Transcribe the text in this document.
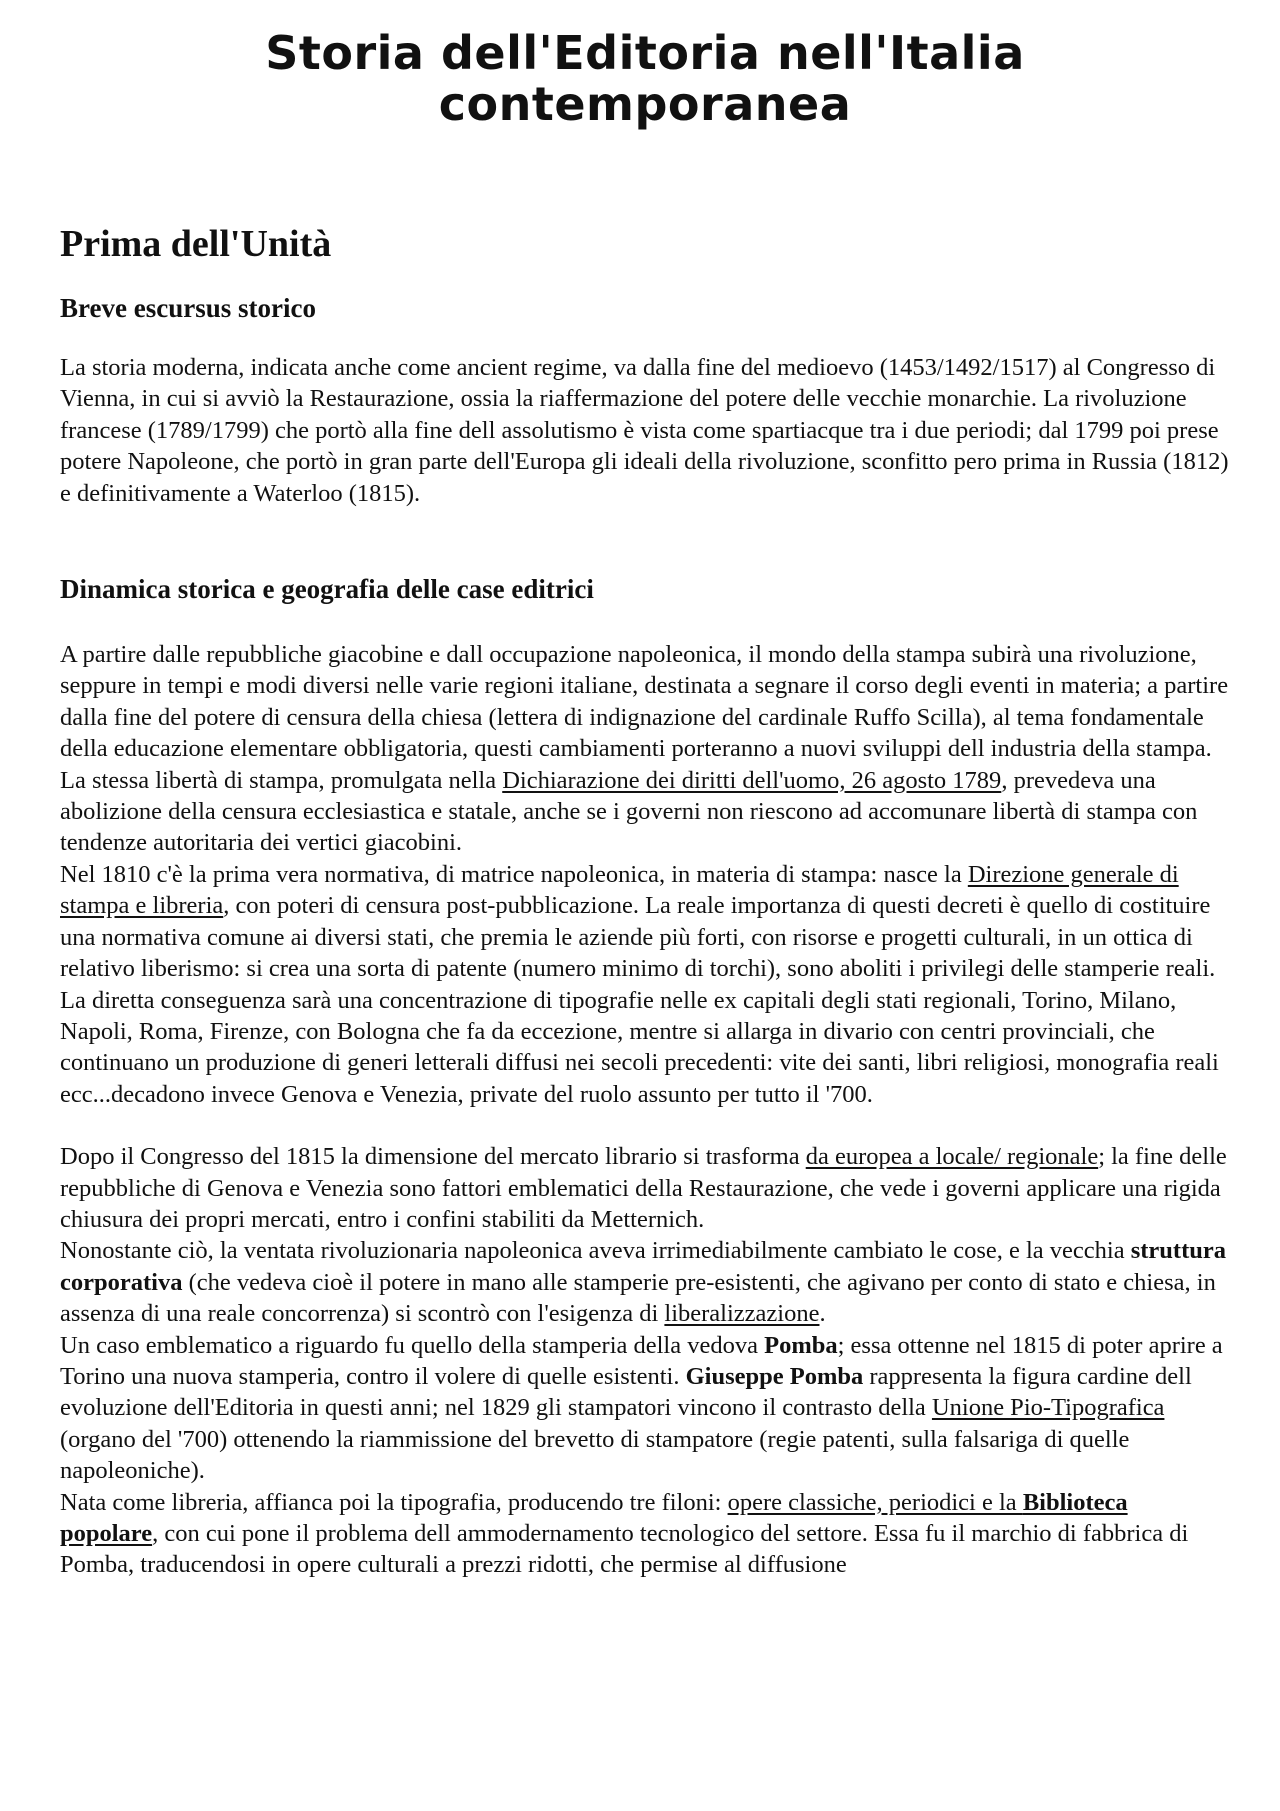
Storia dell'Editoria nell'Italia
contemporanea
Prima dell'Unità
Breve escursus storico

La storia moderna, indicata anche come ancient regime, va dalla fine del medioevo (1453/1492/1517) al Congresso di Vienna, in cui si avviò la Restaurazione, ossia la riaffermazione del potere delle vecchie monarchie. La rivoluzione francese (1789/1799) che portò alla fine dell assolutismo è vista come spartiacque tra i due periodi; dal 1799 poi prese potere Napoleone, che portò in gran parte dell'Europa gli ideali della rivoluzione, sconfitto pero prima in Russia (1812) e definitivamente a Waterloo (1815).

Dinamica storica e geografia delle case editrici

A partire dalle repubbliche giacobine e dall occupazione napoleonica, il mondo della stampa subirà una rivoluzione, seppure in tempi e modi diversi nelle varie regioni italiane, destinata a segnare il corso degli eventi in materia; a partire dalla fine del potere di censura della chiesa (lettera di indignazione del cardinale Ruffo Scilla), al tema fondamentale della educazione elementare obbligatoria, questi cambiamenti porteranno a nuovi sviluppi dell industria della stampa.

La stessa libertà di stampa, promulgata nella Dichiarazione dei diritti dell'uomo, 26 agosto 1789, prevedeva una abolizione della censura ecclesiastica e statale, anche se i governi non riescono ad accomunare libertà di stampa con tendenze autoritaria dei vertici giacobini.

Nel 1810 c'è la prima vera normativa, di matrice napoleonica, in materia di stampa: nasce la Direzione generale di stampa e libreria, con poteri di censura post-pubblicazione. La reale importanza di questi decreti è quello di costituire una normativa comune ai diversi stati, che premia le aziende più forti, con risorse e progetti culturali, in un ottica di relativo liberismo: si crea una sorta di patente (numero minimo di torchi), sono aboliti i privilegi delle stamperie reali.

La diretta conseguenza sarà una concentrazione di tipografie nelle ex capitali degli stati regionali, Torino, Milano, Napoli, Roma, Firenze, con Bologna che fa da eccezione, mentre si allarga in divario con centri provinciali, che continuano un produzione di generi letterali diffusi nei secoli precedenti: vite dei santi, libri religiosi, monografia reali ecc...decadono invece Genova e Venezia, private del ruolo assunto per tutto il '700.

Dopo il Congresso del 1815 la dimensione del mercato librario si trasforma da europea a locale/ regionale; la fine delle repubbliche di Genova e Venezia sono fattori emblematici della Restaurazione, che vede i governi applicare una rigida chiusura dei propri mercati, entro i confini stabiliti da Metternich.

Nonostante ciò, la ventata rivoluzionaria napoleonica aveva irrimediabilmente cambiato le cose, e la vecchia struttura corporativa (che vedeva cioè il potere in mano alle stamperie pre-esistenti, che agivano per conto di stato e chiesa, in assenza di una reale concorrenza) si scontrò con l'esigenza di liberalizzazione.

Un caso emblematico a riguardo fu quello della stamperia della vedova Pomba; essa ottenne nel 1815 di poter aprire a Torino una nuova stamperia, contro il volere di quelle esistenti. Giuseppe Pomba rappresenta la figura cardine dell evoluzione dell'Editoria in questi anni; nel 1829 gli stampatori vincono il contrasto della Unione Pio-Tipografica (organo del '700) ottenendo la riammissione del brevetto di stampatore (regie patenti, sulla falsariga di quelle napoleoniche).

Nata come libreria, affianca poi la tipografia, producendo tre filoni: opere classiche, periodici e la Biblioteca popolare, con cui pone il problema dell ammodernamento tecnologico del settore. Essa fu il marchio di fabbrica di Pomba, traducendosi in opere culturali a prezzi ridotti, che permise al diffusione
